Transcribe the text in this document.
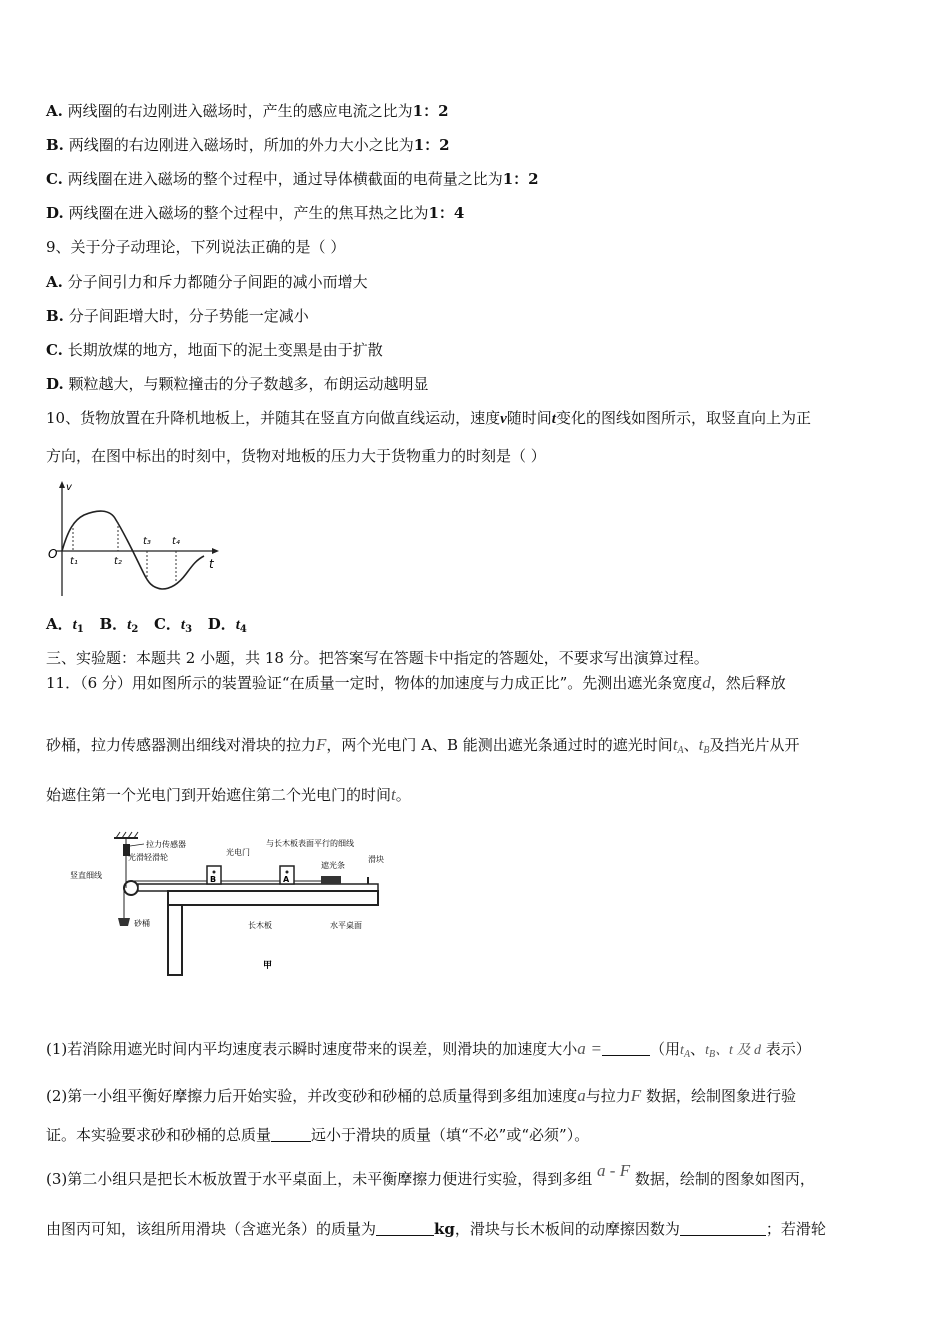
A. 两线圈的右边刚进入磁场时，产生的感应电流之比为1：2
B. 两线圈的右边刚进入磁场时，所加的外力大小之比为1：2
C. 两线圈在进入磁场的整个过程中，通过导体横截面的电荷量之比为1：2
D. 两线圈在进入磁场的整个过程中，产生的焦耳热之比为1：4
9、关于分子动理论，下列说法正确的是（ ）
A. 分子间引力和斥力都随分子间距的减小而增大
B. 分子间距增大时，分子势能一定减小
C. 长期放煤的地方，地面下的泥土变黑是由于扩散
D. 颗粒越大，与颗粒撞击的分子数越多，布朗运动越明显
10、货物放置在升降机地板上，并随其在竖直方向做直线运动，速度v随时间t变化的图线如图所示，取竖直向上为正
方向，在图中标出的时刻中，货物对地板的压力大于货物重力的时刻是（ ）
v
O
t
t₁	t₂
t₃ t₄
A．$t_1$ B．$t_2$ C．$t_3$ D．$t_4$
三、实验题：本题共 2 小题，共 18 分。把答案写在答题卡中指定的答题处，不要求写出演算过程。
11．（6 分）用如图所示的装置验证“在质量一定时，物体的加速度与力成正比”。先测出遮光条宽度d，然后释放
砂桶，拉力传感器测出细线对滑块的拉力F，两个光电门 A、B 能测出遮光条通过时的遮光时间$t_A$、$t_B$及挡光片从开
始遮住第一个光电门到开始遮住第二个光电门的时间t。
B	A
拉力传感器
光滑轻滑轮
光电门
与长木板表面平行的细线
遮光条
滑块
竖直细线
砂桶	长木板	水平桌面
甲
(1)若消除用遮光时间内平均速度表示瞬时速度带来的误差，则滑块的加速度大小a =	（用$t_A$、$t_B$、t 及 d 表示）
(2)第一小组平衡好摩擦力后开始实验，并改变砂和砂桶的总质量得到多组加速度a与拉力F 数据，绘制图象进行验
证。本实验要求砂和砂桶的总质量	远小于滑块的质量（填“不必”或“必须”）。
(3)第二小组只是把长木板放置于水平桌面上，未平衡摩擦力便进行实验，得到多组 a - F 数据，绘制的图象如图丙，
由图丙可知，该组所用滑块（含遮光条）的质量为	kg，滑块与长木板间的动摩擦因数为	；若滑轮
